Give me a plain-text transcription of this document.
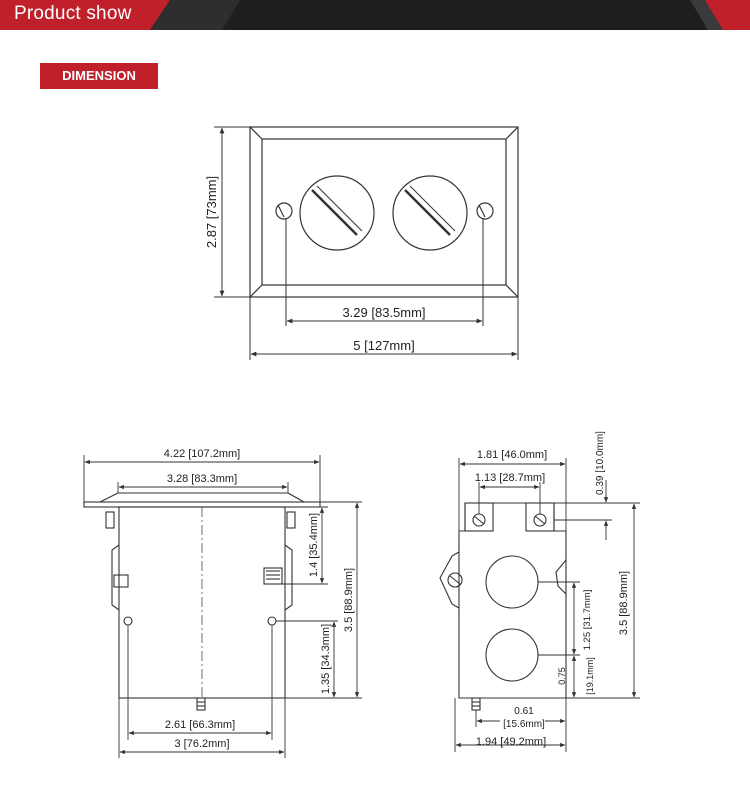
Product show
DIMENSION
2.87 [73mm]
3.29 [83.5mm]
5 [127mm]
4.22 [107.2mm]
3.28 [83.3mm]
1.4 [35.4mm]
3.5 [88.9mm]
1.35 [34.3mm]
2.61 [66.3mm]
3 [76.2mm]
1.81 [46.0mm]
1.13 [28.7mm]	0.39 [10.0mm]
3.5 [88.9mm]
1.25 [31.7mm]
0.75 [19.1mm]
0.61
[15.6mm]
1.94 [49.2mm]
